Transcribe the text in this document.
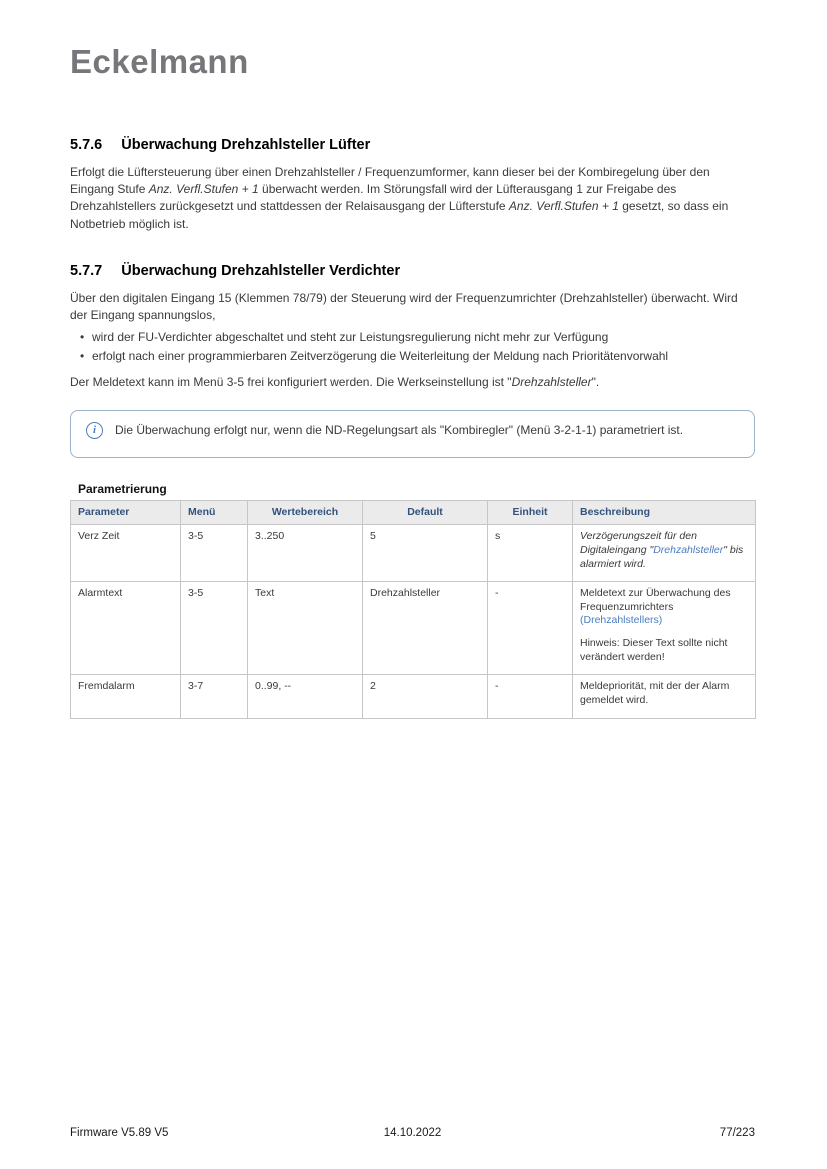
Eckelmann
5.7.6 Überwachung Drehzahlsteller Lüfter

Erfolgt die Lüftersteuerung über einen Drehzahlsteller / Frequenzumformer, kann dieser bei der Kombiregelung über den Eingang Stufe Anz. Verfl.Stufen + 1 überwacht werden. Im Störungsfall wird der Lüfterausgang 1 zur Freigabe des Drehzahlstellers zurückgesetzt und stattdessen der Relaisausgang der Lüfterstufe Anz. Verfl.Stufen + 1 gesetzt, so dass ein Notbetrieb möglich ist.

5.7.7 Überwachung Drehzahlsteller Verdichter

Über den digitalen Eingang 15 (Klemmen 78/79) der Steuerung wird der Frequenzumrichter (Drehzahlsteller) überwacht. Wird der Eingang spannungslos,

• wird der FU-Verdichter abgeschaltet und steht zur Leistungsregulierung nicht mehr zur Verfügung
• erfolgt nach einer programmierbaren Zeitverzögerung die Weiterleitung der Meldung nach Prioritätenvorwahl

Der Meldetext kann im Menü 3-5 frei konfiguriert werden. Die Werkseinstellung ist "Drehzahlsteller".

i	Die Überwachung erfolgt nur, wenn die ND-Regelungsart als "Kombiregler" (Menü 3-2-1-1) parametriert ist.
Parametrierung
Parameter	Menü	Wertebereich	Default	Einheit	Beschreibung
Verz Zeit	3-5	3..250	5	s	Verzögerungszeit für den Digitaleingang "Drehzahlsteller" bis alarmiert wird.

Alarmtext	3-5	Text	Drehzahlsteller	-	Meldetext zur Überwachung des Frequenzumrichters (Drehzahlstellers)

Hinweis: Dieser Text sollte nicht verändert werden!

Fremdalarm	3-7	0..99, --	2	-	Meldepriorität, mit der der Alarm gemeldet wird.

Firmware V5.89 V5	14.10.2022	77/223
